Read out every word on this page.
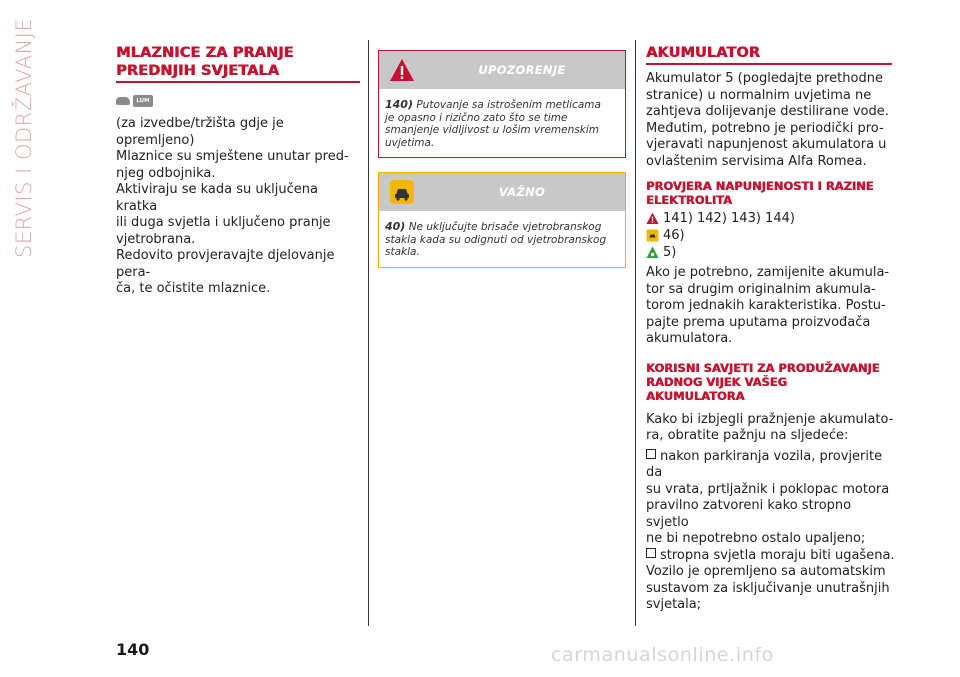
SERVIS I ODRŽAVANJE	MLAZNICE ZA PRANJE
PREDNJIH SVJETALA
LUM

(za izvedbe/tržišta gdje je opremljeno)

Mlaznice su smještene unutar pred-
njeg odbojnika.

Aktiviraju se kada su uključena kratka
ili duga svjetla i uključeno pranje
vjetrobrana.

Redovito provjeravajte djelovanje pera-
ča, te očistite mlaznice.

UPOZORENJE
140) Putovanje sa istrošenim metlicama
je opasno i rizično zato što se time
smanjenje vidljivost u lošim vremenskim
uvjetima.
VAŽNO
40) Ne uključujte brisače vjetrobranskog
stakla kada su odignuti od vjetrobranskog
stakla.
AKUMULATOR

Akumulator 5 (pogledajte prethodne
stranice) u normalnim uvjetima ne
zahtjeva dolijevanje destilirane vode.
Međutim, potrebno je periodički pro-
vjeravati napunjenost akumulatora u
ovlaštenim servisima Alfa Romea.

PROVJERA NAPUNJENOSTI I RAZINE
ELEKTROLITA
141) 142) 143) 144)
46)
5)

Ako je potrebno, zamijenite akumula-
tor sa drugim originalnim akumula-
torom jednakih karakteristika. Postu-
pajte prema uputama proizvođača
akumulatora.

KORISNI SAVJETI ZA PRODUŽAVANJE
RADNOG VIJEK VAŠEG
AKUMULATORA

Kako bi izbjegli pražnjenje akumulato-
ra, obratite pažnju na sljedeće:

nakon parkiranja vozila, provjerite da
su vrata, prtljažnik i poklopac motora
pravilno zatvoreni kako stropno svjetlo
ne bi nepotrebno ostalo upaljeno;
stropna svjetla moraju biti ugašena.
Vozilo je opremljeno sa automatskim
sustavom za isključivanje unutrašnjih
svjetala;

140	carmanualsonline.info
